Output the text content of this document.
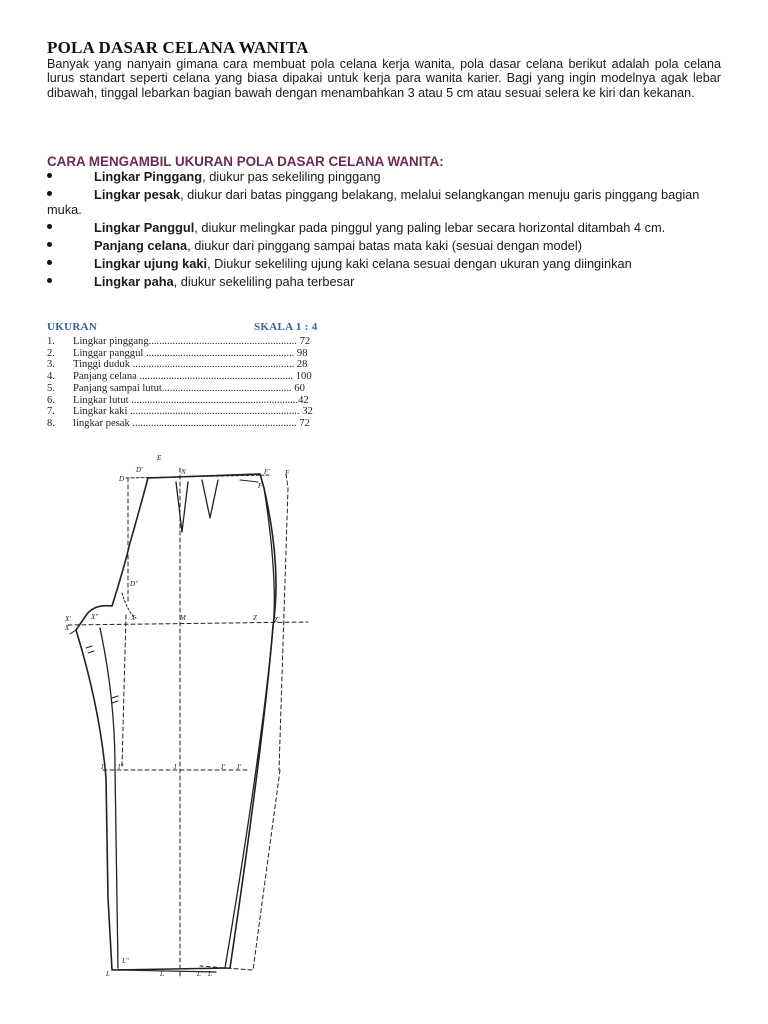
POLA DASAR CELANA WANITA
Banyak yang nanyain gimana cara membuat pola celana kerja wanita, pola dasar celana berikut adalah pola celana lurus standart seperti celana yang biasa dipakai untuk kerja para wanita karier. Bagi yang ingin modelnya agak lebar dibawah, tinggal lebarkan bagian bawah dengan menambahkan 3 atau 5 cm atau sesuai selera ke kiri dan kekanan.
CARA MENGAMBIL UKURAN POLA DASAR CELANA WANITA:
Lingkar Pinggang, diukur pas sekeliling pinggang
Lingkar pesak, diukur dari batas pinggang belakang, melalui selangkangan menuju garis pinggang bagian muka.
Lingkar Panggul, diukur melingkar pada pinggul yang paling lebar secara horizontal ditambah 4 cm.
Panjang celana, diukur dari pinggang sampai batas mata kaki (sesuai dengan model)
Lingkar ujung kaki, Diukur sekeliling ujung kaki celana sesuai dengan ukuran yang diinginkan
Lingkar paha, diukur sekeliling paha terbesar
UKURAN	SKALA 1 : 4
1. Lingkar pinggang........................................................ 72
2. Linggar panggul ........................................................ 98
3. Tinggi duduk ............................................................. 28
4. Panjang celana .......................................................... 100
5. Panjang sampai lutut................................................. 60
6. Lingkar lutut ...............................................................42
7. Lingkar kaki ................................................................ 32
8. lingkar pesak .............................................................. 72
E
D
D'	N	F' F
F
D''
X'
X
X''	X	M	Z Z'
I I''	I	I' I'
L
L''
L	L' L
